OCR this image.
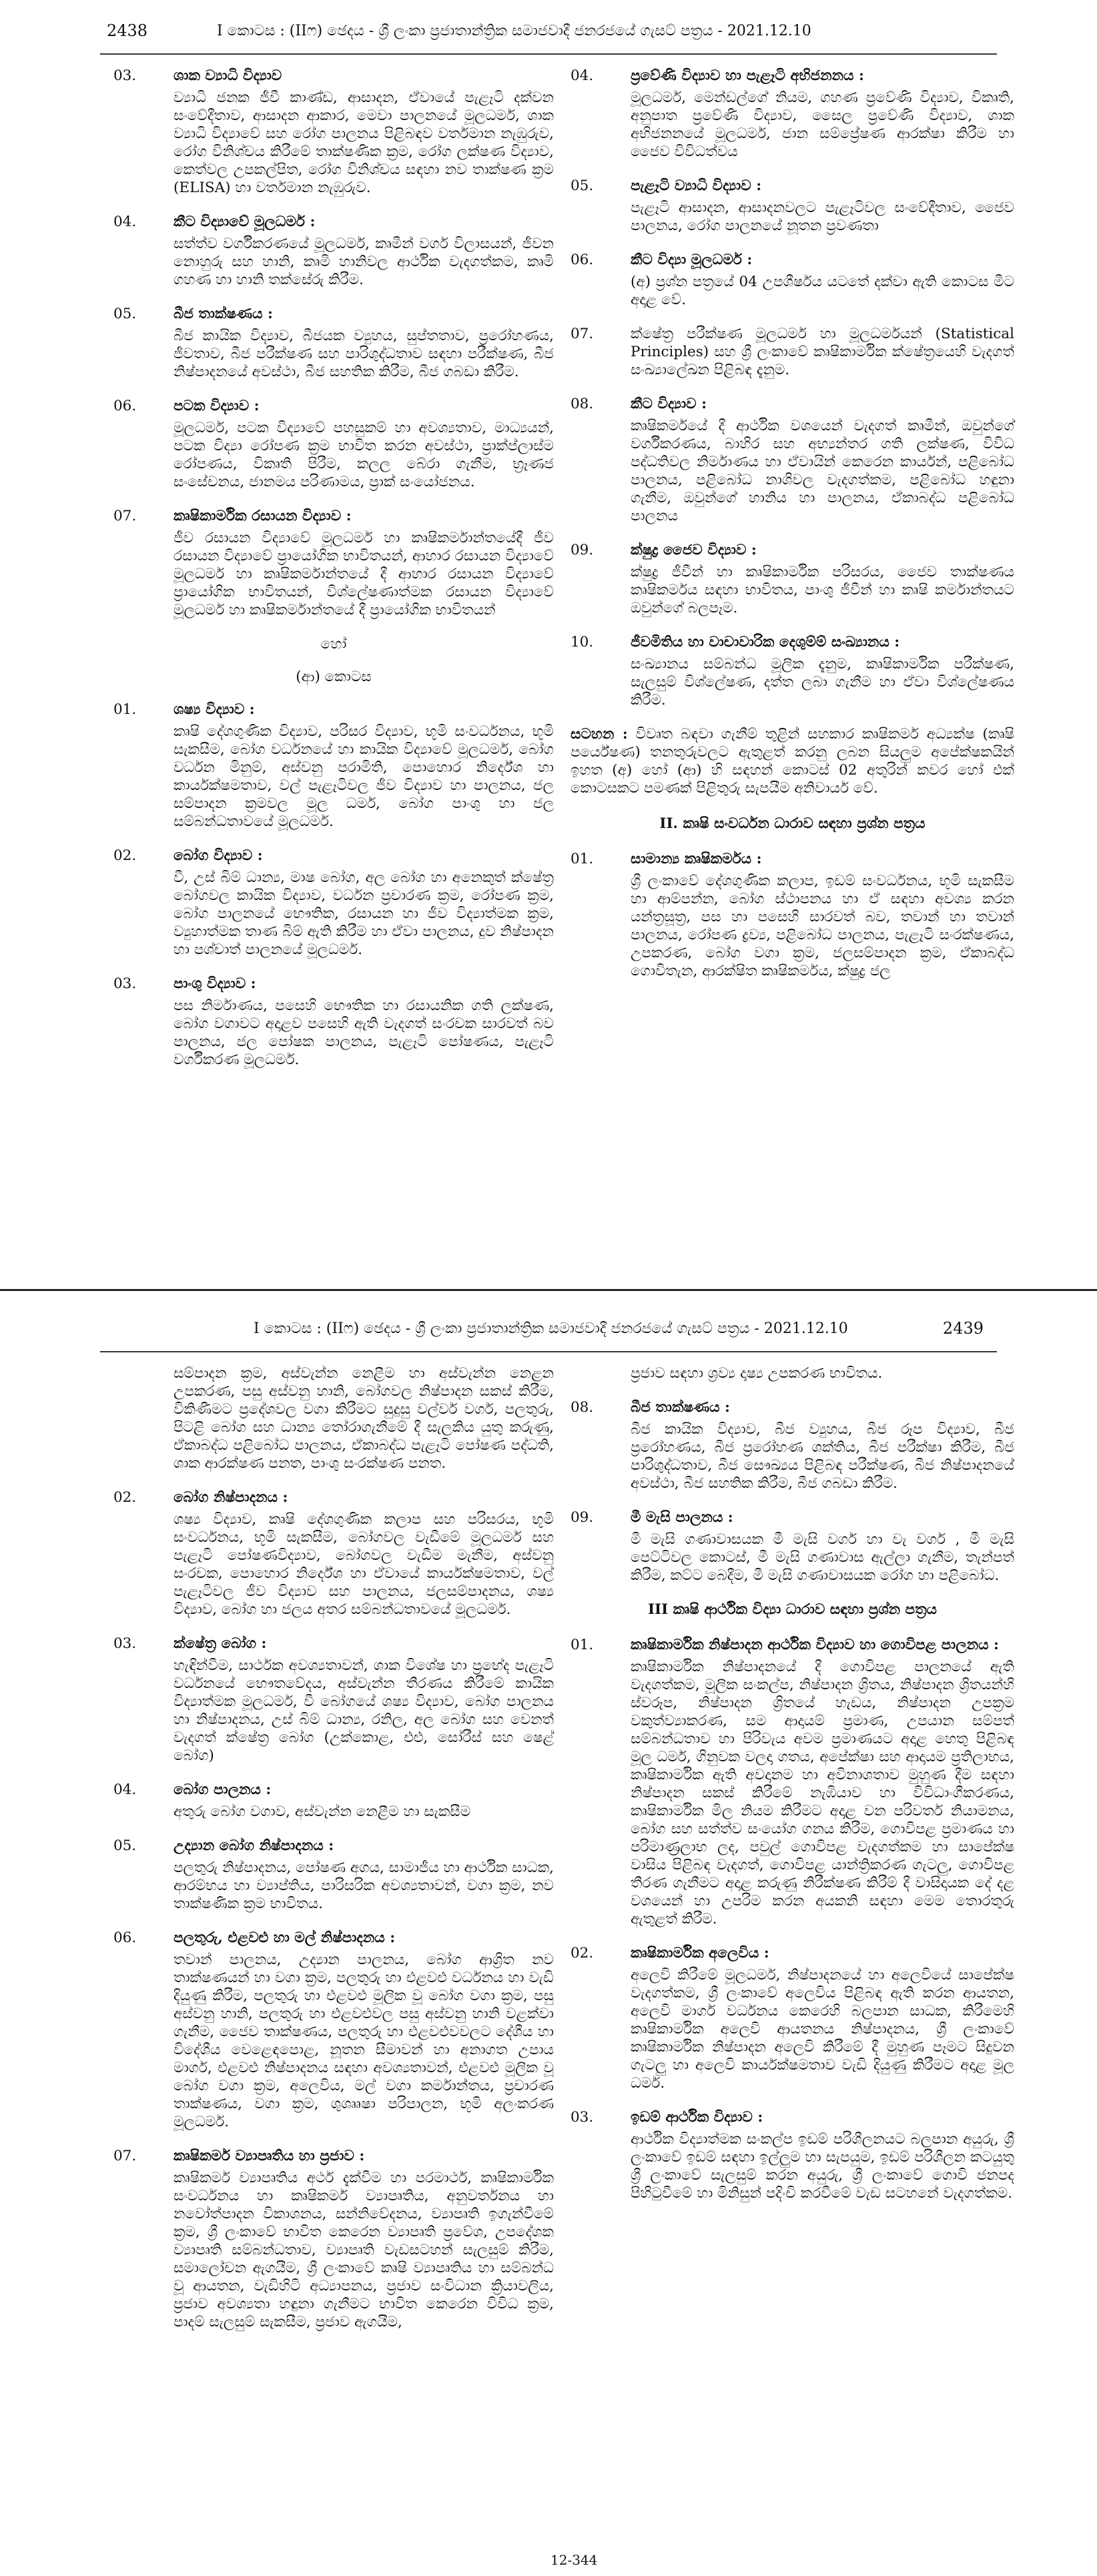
2438	I කොටස : (IIෆ) ඡෙදය - ශ්‍රී ලංකා ප්‍රජාතාන්ත්‍රික සමාජවාදී ජනරජයේ ගැසට් පත්‍රය - 2021.12.10
03.	ශාක ව්‍යාධි විද්‍යාව
ව්‍යාධි ජනක ජීවී කාණ්ඩ, ආසාදන, ඒවායේ පැළෑටි දක්වන සංවේදීතාව, ආසාදන ආකාර, මෙවා පාලනයේ මූලධර්ම, ශාක ව්‍යාධි විද්‍යාවේ සහ රෝග පාලනය පිළිබඳව වර්තමාන නැඹුරුව, රෝග විනිශ්චය කිරීමේ තාක්ෂණික ක්‍රම, රෝග ලක්ෂණ විද්‍යාව, කෙත්වල උපකල්පිත, රෝග විනිශ්චය සඳහා නව තාක්ෂණ ක්‍රම (ELISA) හා වර්තමාන නැඹුරුව.
04.	කීට විද්‍යාවේ මූලධර්ම :
සත්ත්ව වර්ගීකරණයේ මූලධර්ම, කෘමීන් වර්ග විලාසයන්, ජීවන නොහුරු සහ හානි, කෘමි හානිවල ආර්ථික වැදගත්කම, කෘමි ගහණ හා හානි තක්සේරු කිරීම.
05.	බීජ තාක්ෂණය :
බීජ කායික විද්‍යාව, බීජයක ව්‍යුහය, සුප්තතාව, ප්‍රරෝහණය, ජීවතාව, බීජ පරීක්ෂණ සහ පාරිශුද්ධතාව සඳහා පරීක්ෂණ, බීජ නිෂ්පාදනයේ අවස්ථා, බීජ සහතික කිරීම, බීජ ගබඩා කිරීම.
06.	පටක විද්‍යාව :
මූලධර්ම, පටක විද්‍යාවේ පහසුකම් හා අවශ්‍යතාව, මාධ්‍යයන්, පටක විද්‍යා රෝපණ ක්‍රම භාවිත කරන අවස්ථා, ප්‍රාක්ප්ලාස්ම රෝපණය, විකෘති පිරීම, කලල බේරා ගැනීම, භ්‍රෑණජ සංසේචනය, ජානමය පරිණාමය, ප්‍රාක් සංයෝජනය.
07.	කෘෂිකාර්මික රසායන විද්‍යාව :
ජීව රසායන විද්‍යාවේ මූලධර්ම හා කෘෂිකර්මාන්තයේදී ජීව රසායන විද්‍යාවේ ප්‍රායෝගික භාවිතයන්, ආහාර රසායන විද්‍යාවේ මූලධර්ම හා කෘෂිකර්මාන්තයේ දී ආහාර රසායන විද්‍යාවේ ප්‍රායෝගික භාවිතයන්, විශ්ලේෂණාත්මක රසායන විද්‍යාවේ මූලධර්ම හා කෘෂිකර්මාන්තයේ දී ප්‍රායෝගික භාවිතයන්
හෝ
(ආ) කොටස
01.	ශෂ්‍ය විද්‍යාව :
කෘෂි දේශගුණික විද්‍යාව, පරිසර විද්‍යාව, භූමි සංවර්ධනය, භූමි සැකසීම, බෝග වර්ධනයේ හා කායික විද්‍යාවේ මූලධර්ම, බෝග වර්ධන මිනුම්, අස්වනු පරාමිති, පොහොර නිර්දේශ හා කාර්යක්ෂමතාව, වල් පැළෑටිවල ජීව විද්‍යාව හා පාලනය, ජල සම්පාදන ක්‍රමවල මූල ධර්ම, බෝග පාංශු හා ජල සම්බන්ධතාවයේ මූලධර්ම.
02.	බෝග විද්‍යාව :
වී, උස් බිම් ධාන්‍ය, මාෂ බෝග, අල බෝග හා අනෙකුත් ක්ෂේත්‍ර බෝගවල කායික විද්‍යාව, වර්ධන ප්‍රචාරණ ක්‍රම, රෝපණ ක්‍රම, බෝග පාලනයේ භෞතික, රසායන හා ජීව විද්‍යාත්මක ක්‍රම, ව්‍යුහාත්මක තාණ බිම් ඇති කිරීම හා ඒවා පාලනය, දුව නිෂ්පාදන හා පශ්චාත් පාලනයේ මූලධර්ම.
03.	පාංශු විද්‍යාව :
පස නිර්මාණය, පසෙහි භෞතික හා රසායනික ගති ලක්ෂණ, බෝග වගාවට අදාළව පසෙහි ඇති වැදගත් සංරචක සාරවත් බව පාලනය, ජල පෝෂක පාලනය, පැළෑටි පෝෂණය, පැළෑටි වර්ගීකරණ මූලධර්ම.
04.	ප්‍රවේණි විද්‍යාව හා පැළෑටි අභිජනනය :
මූලධර්ම, මෙන්ඩල්ගේ නියම, ගහණ ප්‍රවේණි විද්‍යාව, විකෘති, අනුපාත ප්‍රවේණි විද්‍යාව, සෛල ප්‍රවේණි විද්‍යාව, ශාක අභිජනනයේ මූලධර්ම, ජාන සම්ප්‍රේෂණ ආරක්ෂා කිරීම හා ජෛව විවිධත්වය
05.	පැළෑටි ව්‍යාධි විද්‍යාව :
පැළෑටි ආසාදන, ආසාදනවලට පැළෑටිවල සංවේදීතාව, ජෛව පාලනය, රෝග පාලනයේ නූතන ප්‍රවණතා
06.	කීට විද්‍යා මූලධර්ම :
(අ) ප්‍රශ්න පත්‍රයේ 04 උපශීර්ෂය යටතේ දක්වා ඇති කොටස මීට අදාළ වේ.
07.	ක්ෂේත්‍ර පරීක්ෂණ මූලධර්ම හා මූලධර්මයන් (Statistical Principles) සහ ශ්‍රී ලංකාවේ කෘෂිකාර්මික ක්ෂේත්‍රයෙහි වැදගත් සංඛ්‍යාලේඛන පිළිබඳ දැනුම.
08.	කීට විද්‍යාව :
කෘෂිකර්මයේ දී ආර්ථික වශයෙන් වැදගත් කෘමීන්, ඔවුන්ගේ වර්ගීකරණය, බාහිර සහ අභ්‍යන්තර ගති ලක්ෂණ, විවිධ පද්ධතිවල නිර්මාණය හා ඒවායින් කෙරෙන කාර්යන්, පළිබෝධ පාලනය, පළිබෝධ නාශිවල වැදගත්කම, පළිබෝධ හඳුනා ගැනීම, ඔවුන්ගේ හානිය හා පාලනය, ඒකාබද්ධ පළිබෝධ පාලනය
09.	ක්ෂුද්‍ර ජෛව විද්‍යාව :
ක්ෂුද්‍ර ජීවීන් හා කෘෂිකාර්මික පරිසරය, ජෛව තාක්ෂණය කෘෂිකර්මය සඳහා භාවිතය, පාංශු ජීවීන් හා කෘෂි කර්මාන්තයට ඔවුන්ගේ බලපෑම.
10.	ජීවමිතිය හා වාචාවාරික දෙශුම්ම් සංඛ්‍යානය :
සංඛ්‍යානය සම්බන්ධ මූලික දැනුම, කෘෂිකාර්මික පරීක්ෂණ, සැලසුම් විශ්ලේෂණ, දත්ත ලබා ගැනීම හා ඒවා විශ්ලේෂණය කිරීම.
සටහන : විවෘත බඳවා ගැනීම් තුළින් සහකාර කෘෂිකර්ම අධ්‍යක්ෂ (කෘෂි පර්යේෂණ) තනතුරුවලට ඇතුළත් කරනු ලබන සියලුම අපේක්ෂකයින් ඉහත (අ) හෝ (ආ) හි සඳහන් කොටස් 02 අතුරින් කවර හෝ එක් කොටසකට පමණක් පිළිතුරු සැපයීම අනිවාර්ය වේ.
II. කෘෂි සංවර්ධන ධාරාව සඳහා ප්‍රශ්න පත්‍රය
01.	සාමාන්‍ය කෘෂිකර්මය :
ශ්‍රී ලංකාවේ දේශගුණික කලාප, ඉඩම් සංවර්ධනය, භූමි සැකසීම හා ආම්පන්න, බෝග ස්ථාපනය හා ඒ සඳහා අවශ්‍ය කරන යන්ත්‍රසූත්‍ර, පස හා පසෙහි සාරවත් බව, තවාන් හා තවාන් පාලනය, රෝපණ ද්‍රව්‍ය, පළිබෝධ පාලනය, පැළෑටි සංරක්ෂණය, උපකරණ, බෝග වගා ක්‍රම, ජලසම්පාදන ක්‍රම, ඒකාබද්ධ ගොවිතැන, ආරක්ෂිත කෘෂිකර්මය, ක්ෂුද්‍ර ජල
I කොටස : (IIෆ) ඡෙදය - ශ්‍රී ලංකා ප්‍රජාතාන්ත්‍රික සමාජවාදී ජනරජයේ ගැසට් පත්‍රය - 2021.12.10	2439
සම්පාදන ක්‍රම, අස්වැන්න නෙළීම හා අස්වැන්න නෙළන උපකරණ, පසු අස්වනු හානි, බෝගවල නිෂ්පාදන සකස් කිරීම, විකිණීමට ප්‍රදේශවල වගා කිරීමට සුදුසු වල්වර් වර්ග, පලතුරු, පිටළි බෝග සහ ධාන්‍ය තෝරාගැනීමේ දී සැලකිය යුතු කරුණු, ඒකාබද්ධ පළිබෝධ පාලනය, ඒකාබද්ධ පැළෑටි පෝෂණ පද්ධති, ශාක ආරක්ෂණ පනත, පාංශු සංරක්ෂණ පනත.
02.	බෝග නිෂ්පාදනය :
ශෂ්‍ය විද්‍යාව, කෘෂි දේශගුණික කලාප සහ පරිසරය, භූමි සංවර්ධනය, භූමි සැකසීම, බෝගවල වැඩීමේ මූලධර්ම සහ පැළෑටි පෝෂණවිද්‍යාව, බෝගවල වැඩීම මැනීම, අස්වනු සංරචක, පොහොර නිර්දේශ හා ඒවායේ කාර්යක්ෂමතාව, වල් පැළෑටිවල ජීව විද්‍යාව සහ පාලනය, ජලසම්පාදනය, ශෂ්‍ය විද්‍යාව, බෝග හා ජලය අතර සම්බන්ධතාවයේ මූලධර්ම.
03.	ක්ෂේත්‍ර බෝග :
හැඳින්වීම, සාර්ථක අවශ්‍යතාවන්, ශාක විශේෂ හා ප්‍රභේද පැළෑටි වර්ධනයේ භෞතවේදය, අස්වැන්න තීරණය කිරීමේ කායික විද්‍යාත්මක මූලධර්ම, වී බෝගයේ ශෂ්‍ය විද්‍යාව, බෝග පාලනය හා නිෂ්පාදනය, උස් බිම් ධාන්‍ය, රනිල, අල බෝග සහ වෙනත් වැදගත් ක්ෂේත්‍ර බෝග (උක්කොළ, එළු, සෝරීස් සහ ෂෙළ් බෝග)
04.	බෝග පාලනය :
අතුරු බෝග වගාව, අස්වැන්න නෙළීම හා සැකසීම
05.	උද්‍යාන බෝග නිෂ්පාදනය :
පලතුරු නිෂ්පාදනය, පෝෂණ අගය, සාමාජීය හා ආර්ථික සාධක, ආරම්භය හා ව්‍යාප්තිය, පාරිසරික අවශ්‍යතාවන්, වගා ක්‍රම, නව තාක්ෂණික ක්‍රම භාවිතය.
06.	පලතුරු, එළවළු හා මල් නිෂ්පාදනය :
තවාන් පාලනය, උද්‍යාන පාලනය, බෝග ආශ්‍රිත නව තාක්ෂණයන් හා වගා ක්‍රම, පලතුරු හා එළවළු වර්ධනය හා වැඩි දියුණු කිරීම, පලතුරු හා එළවළු මූලික වූ බෝග වගා ක්‍රම, පසු අස්වනු හානි, පලතුරු හා එළවළුවල පසු අස්වනු හානි වළක්වා ගැනීම, ජෛව තාක්ෂණය, පලතුරු හා එළවළුවවලට දේශීය හා විදේශීය වෙළෙඳපොළ, නූතන සීමාවන් හා අනාගත උපාය මාර්ග, එළවළු නිෂ්පාදනය සඳහා අවශ්‍යතාවන්, එළවළු මූලික වූ බෝග වගා ක්‍රම, අලෙවිය, මල් වගා කර්මාන්තය, ප්‍රචාරණ තාක්ෂණය, වගා ක්‍රම, ශුශ්‍රූෂා පරිපාලන, භූමි අලංකරණ මූලධර්ම.
07.	කෘෂිකර්ම ව්‍යාපෘතිය හා ප්‍රජාව :
කෘෂිකර්ම ව්‍යාපෘතිය අර්ථ දැක්වීම හා පරමාර්ථ, කෘෂිකාර්මික සංවර්ධනය හා කෘෂිකර්ම ව්‍යාපෘතිය, අනුවර්තනය හා නවෝත්පාදන විකාශනය, සන්නිවේදනය, ව්‍යාපෘති ඉගැන්වීමේ ක්‍රම, ශ්‍රී ලංකාවේ භාවිත කෙරෙන ව්‍යාපෘති ප්‍රවේශ, උපදේශක ව්‍යාපෘති සම්බන්ධතාව, ව්‍යාපෘති වැඩසටහන් සැලසුම් කිරීම, සමාලෝචන ඇගයීම, ශ්‍රී ලංකාවේ කෘෂි ව්‍යාපෘතිය හා සම්බන්ධ වූ ආයතන, වැඩිහිටි අධ්‍යාපනය, ප්‍රජාව සංවිධාන ක්‍රියාවලිය, ප්‍රජාව අවශ්‍යතා හඳුනා ගැනීමට භාවිත කෙරෙන විවිධ ක්‍රම, පාදම් සැලසුම් සැකසීම, ප්‍රජාව ඇගයීම,
ප්‍රජාව සඳහා ශ්‍රව්‍ය දෘෂ්‍ය උපකරණ භාවිතය.
08.	බීජ තාක්ෂණය :
බීජ කායික විද්‍යාව, බීජ ව්‍යුහය, බීජ රූප විද්‍යාව, බීජ ප්‍රරෝහණය, බීජ ප්‍රරෝහණ ශක්තිය, බීජ පරීක්ෂා කිරීම, බීජ පාරිශුද්ධතාව, බීජ සෞඛ්‍යය පිළිබඳ පරීක්ෂණ, බීජ නිෂ්පාදනයේ අවස්ථා, බීජ සහතික කිරීම, බීජ ගබඩා කිරීම.
09.	මී මැසි පාලනය :
මී මැසි ගණාවාසයක මී මැසි වර්ග හා වැ වර්ග , මී මැසි පෙට්ටිවල කොටස්, මී මැසි ගණාවාස ඇල්ලා ගැනීම, තැන්පත් කිරීම, කට්ට බෙදීම, මී මැසි ගණාවාසයක රෝග හා පළිබෝධ.
III කෘෂි ආර්ථික විද්‍යා ධාරාව සඳහා ප්‍රශ්න පත්‍රය
01.	කෘෂිකාර්මික නිෂ්පාදන ආර්ථික විද්‍යාව හා ගොවිපළ පාලනය :
කෘෂිකාර්මික නිෂ්පාදනයේ දී ගොවිපළ පාලනයේ ඇති වැදගත්කම, මූලික සංකල්ප, නිෂ්පාදන ශ්‍රිතය, නිෂ්පාදන ශ්‍රිතයන්හි ස්වරූප, නිෂ්පාදන ශ්‍රිතයේ හැඩය, නිෂ්පාදන උපක්‍රම වකුත්ව්‍යාකරණ, සම ආදායම් ප්‍රමාණ, උපයාන සම්පත් සම්බන්ධතාව හා පිරිවැය අවම ප්‍රමාණයට අදාළ හෙතු පිළිබඳ මූල ධර්ම, ගිනුවක වලදා ගතය, අපේක්ෂා සහ ආදායම ප්‍රතිලාභය, කෘෂිකාර්මික ඇති අවදානම හා අවිනාශතාව මුහුණ දීම සඳහා නිෂ්පාදන සකස් කිරීමේ නැඹියාව හා විවිධාංගීකරණය, කෘෂිකාර්මික මිල නියම කිරීමට අදාළ වන පරිවර්ත නියාමනය, බෝග සහ සත්ත්ව සංයෝග ගනය කිරීම, ගොවිපළ ප්‍රමාණය හා පරිමාණ්‍රලාභ ලද, පවුල් ගොවිපළ වැදගත්කම හා සාපේක්ෂ වාසිය පිළිබඳ වැදගත්, ගොවිපළ යාන්ත්‍රිකරණ ගැටලු, ගොවිපළ තීරණ ගැනීමට අදාළ කරුණු නිරීක්ෂණ කිරීම් දී වාසිදායක දේ දළ වශයෙන් හා උපරිම කරන අයකනි සඳහා මෙම තොරතුරු ඇතුළත් කිරීම.
02.	කෘෂිකාර්මික අලෙවිය :
අලෙවි කිරීමේ මූලධර්ම, නිෂ්පාදනයේ හා අලෙවියේ සාපේක්ෂ වැදගත්කම, ශ්‍රී ලංකාවේ අලෙවිය පිළිබඳ ඇති කරන ආයතන, අලෙවි මාර්ග වර්ධනය කෙරෙහි බලපාන සාධක, කිරීමෙහි කෘෂිකාර්මික අලෙවි ආයතනය නිෂ්පාදනය, ශ්‍රී ලංකාවේ කෘෂිකාර්මික නිෂ්පාදන අලෙවි කිරීමේ දී මුහුණ පෑමට සිදුවන ගැටලු හා අලෙවි කාර්යක්ෂමතාව වැඩි දියුණු කිරීමට අදාළ මූල ධර්ම.
03.	ඉඩම් ආර්ථික විද්‍යාව :
ආර්ථික විද්‍යාත්මක සංකල්ප ඉඩම් පරිශීලනයට බලපාන අයුරු, ශ්‍රී ලංකාවේ ඉඩම් සඳහා ඉල්ලුම හා සැපයුම, ඉඩම් පරිශීලන කටයුතු ශ්‍රී ලංකාවේ සැලසුම් කරන අයුරු, ශ්‍රී ලංකාවේ ගොවි ජනපද පිහිටුවීමේ හා මිනිසුන් පදිංචි කරවීමේ වැඩ සටහනේ වැදගත්කම.
12-344
